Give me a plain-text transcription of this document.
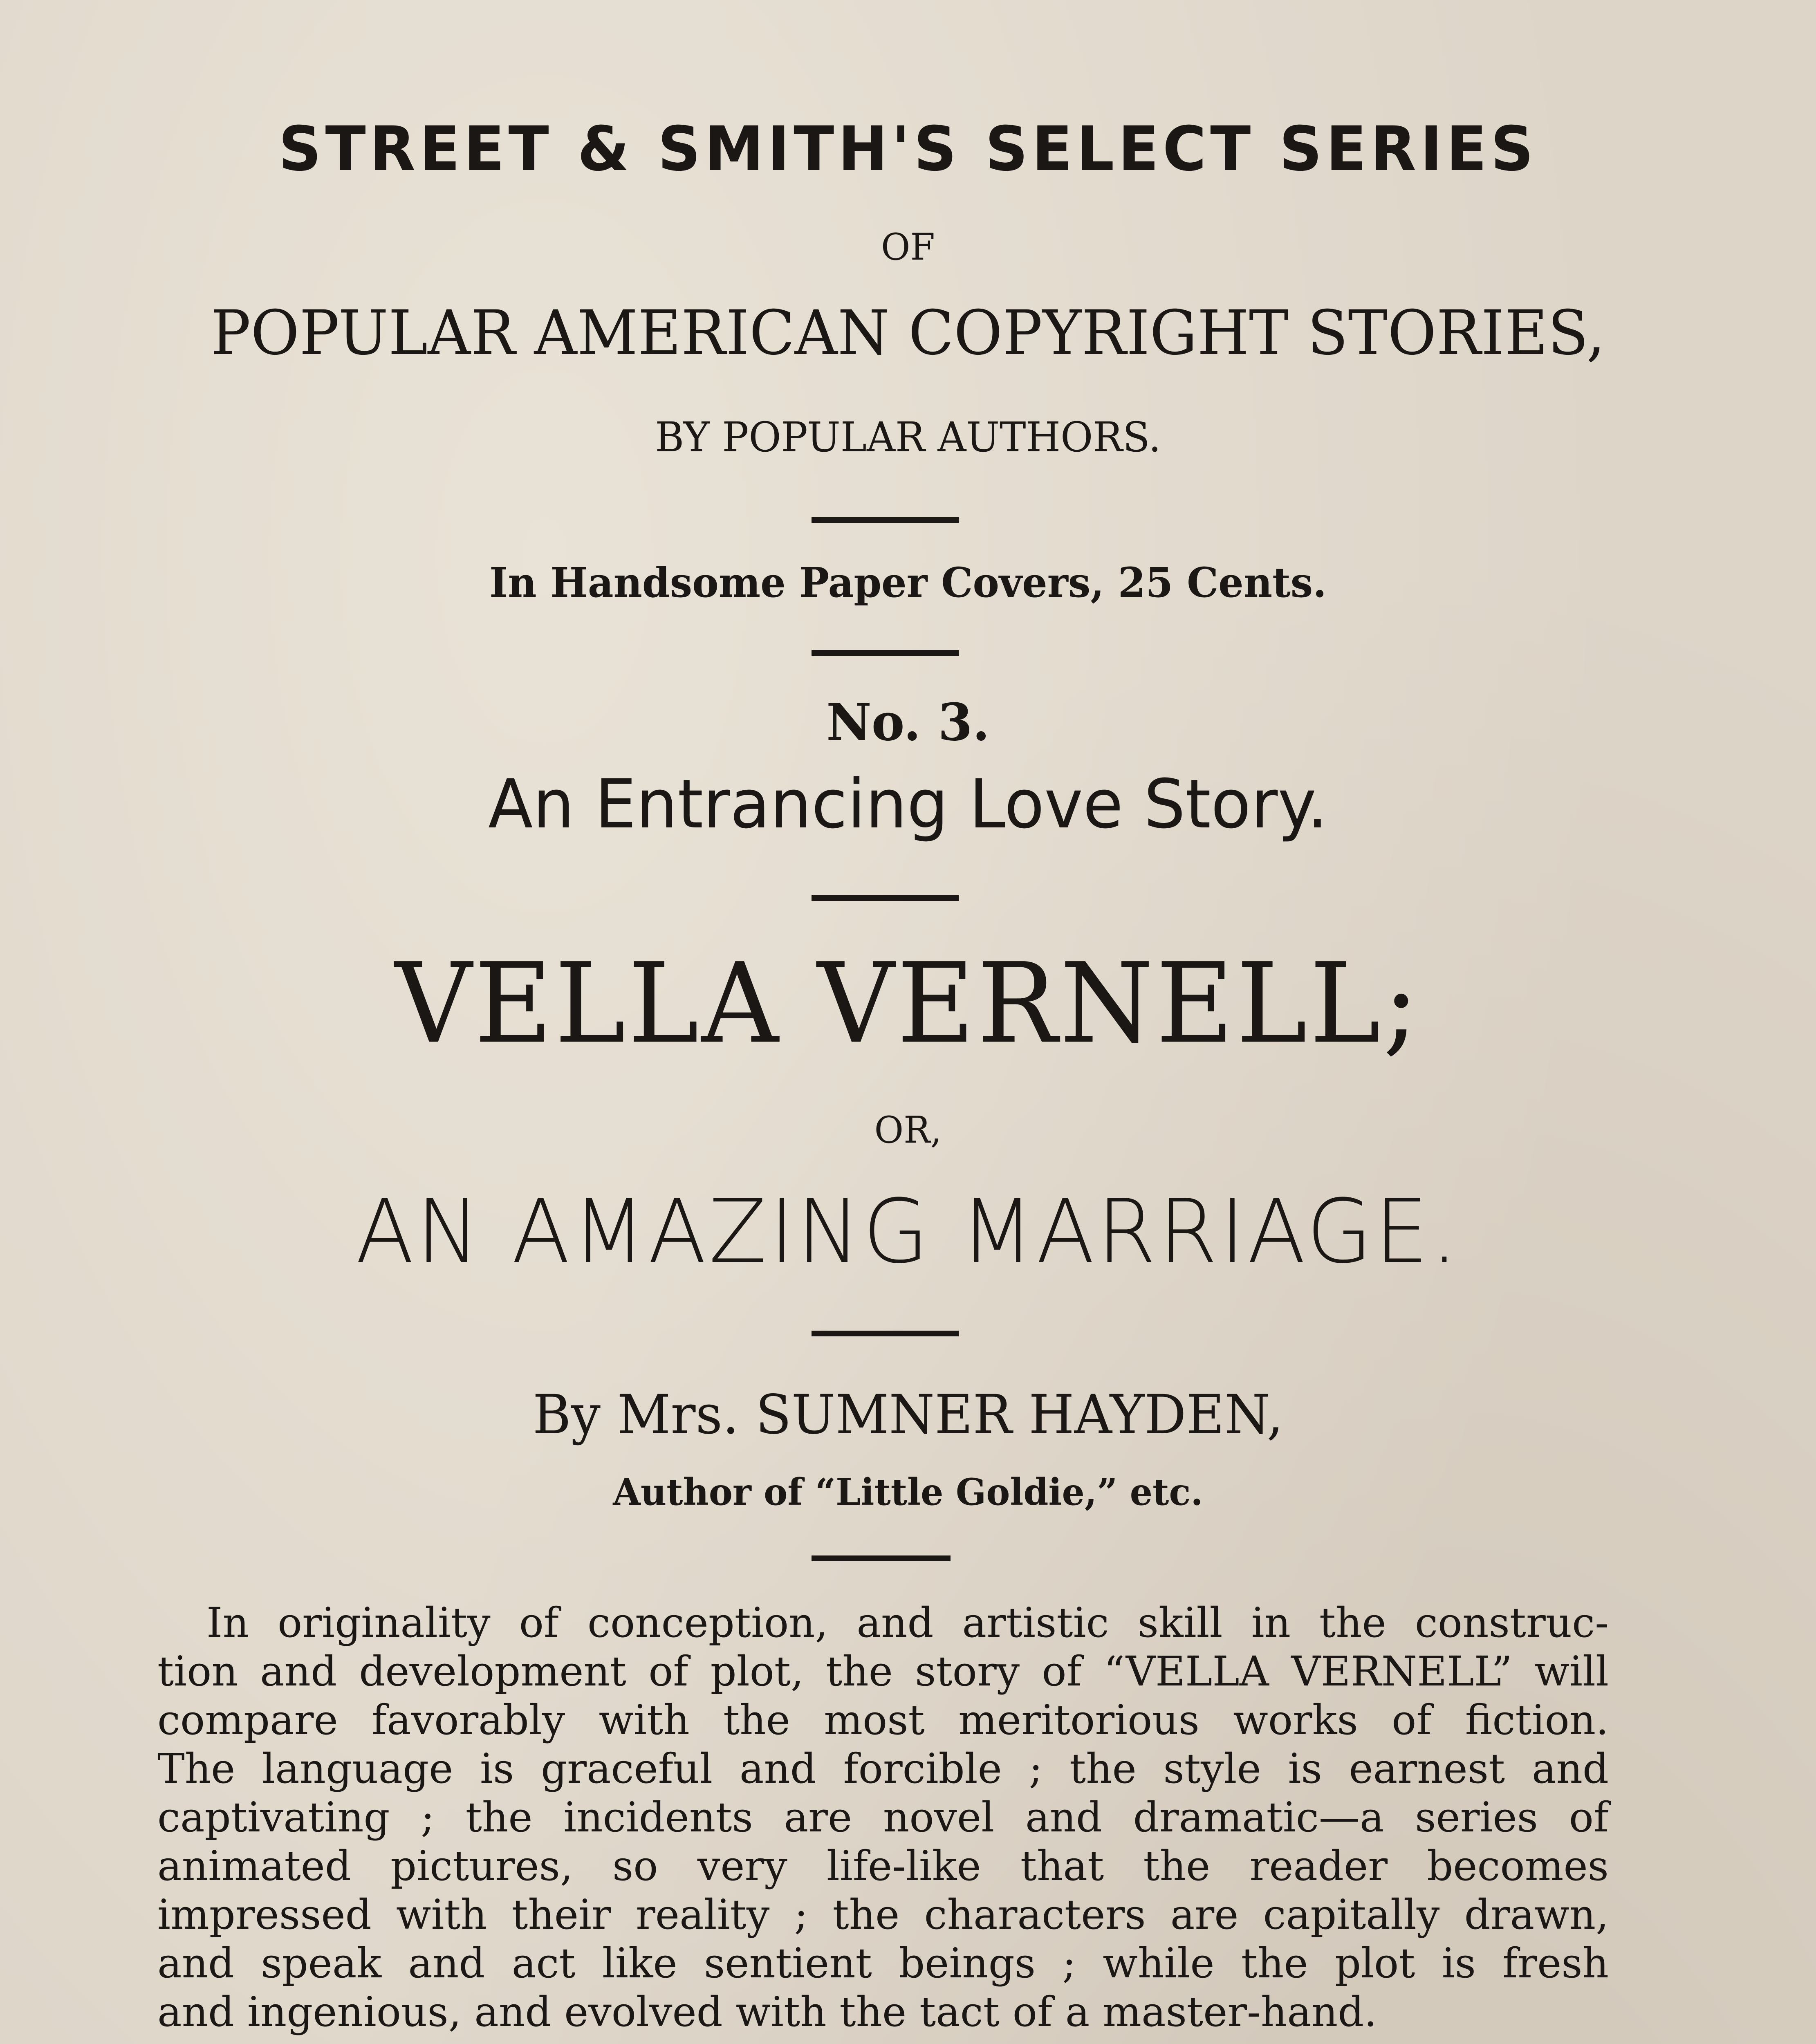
STREET & SMITH'S SELECT SERIES
OF
POPULAR AMERICAN COPYRIGHT STORIES,
BY POPULAR AUTHORS.
In Handsome Paper Covers, 25 Cents.
No. 3.
An Entrancing Love Story.
VELLA VERNELL;
OR,
AN AMAZING MARRIAGE.
By Mrs. SUMNER HAYDEN,
Author of “Little Goldie,” etc.
In originality of conception, and artistic skill in the construc-
tion and development of plot, the story of “VELLA VERNELL” will
compare favorably with the most meritorious works of fiction.
The language is graceful and forcible ; the style is earnest and
captivating ; the incidents are novel and dramatic—a series of
animated pictures, so very life-like that the reader becomes
impressed with their reality ; the characters are capitally drawn,
and speak and act like sentient beings ; while the plot is fresh
and ingenious, and evolved with the tact of a master-hand.
